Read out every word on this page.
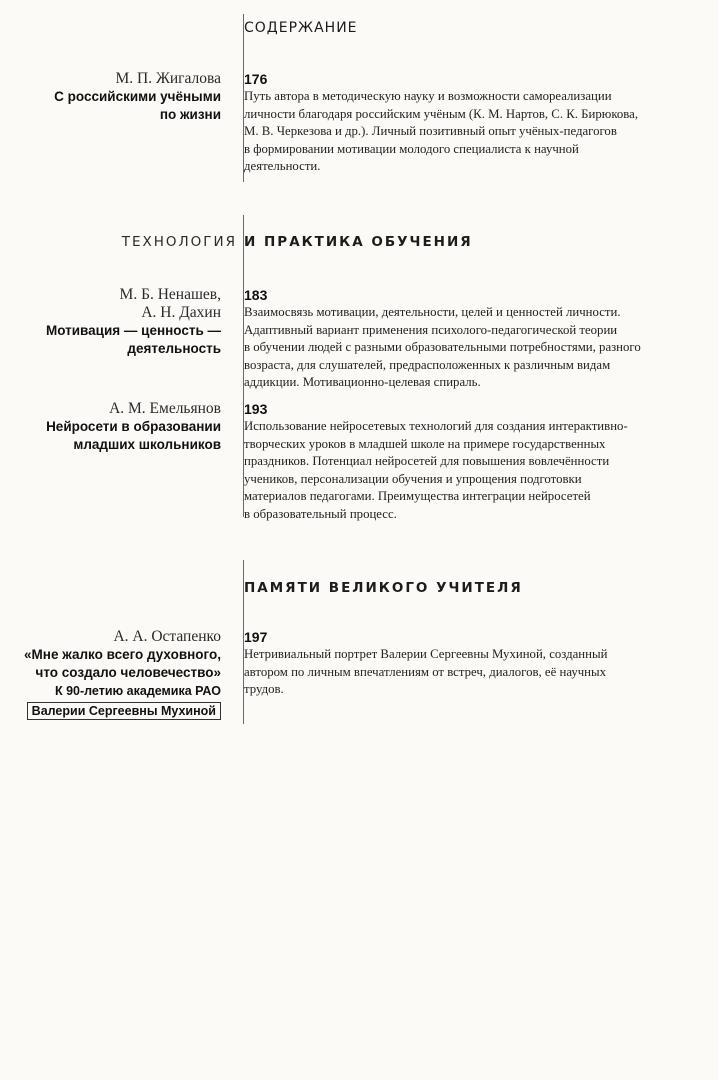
СОДЕРЖАНИЕ
М. П. Жигалова
С российскими учёными
по жизни
176
Путь автора в методическую науку и возможности самореализации
личности благодаря российским учёным (К. М. Нартов, С. К. Бирюкова,
М. В. Черкезова и др.). Личный позитивный опыт учёных-педагогов
в формировании мотивации молодого специалиста к научной
деятельности.
ТЕХНОЛОГИЯ И ПРАКТИКА ОБУЧЕНИЯ
М. Б. Ненашев,
А. Н. Дахин
Мотивация — ценность —
деятельность
183
Взаимосвязь мотивации, деятельности, целей и ценностей личности.
Адаптивный вариант применения психолого-педагогической теории
в обучении людей с разными образовательными потребностями, разного
возраста, для слушателей, предрасположенных к различным видам
аддикции. Мотивационно-целевая спираль.
А. М. Емельянов
Нейросети в образовании
младших школьников
193
Использование нейросетевых технологий для создания интерактивно-
творческих уроков в младшей школе на примере государственных
праздников. Потенциал нейросетей для повышения вовлечённости
учеников, персонализации обучения и упрощения подготовки
материалов педагогами. Преимущества интеграции нейросетей
в образовательный процесс.
ПАМЯТИ ВЕЛИКОГО УЧИТЕЛЯ
А. А. Остапенко
«Мне жалко всего духовного,
что создало человечество»
К 90-летию академика РАО
Валерии Сергеевны Мухиной
197
Нетривиальный портрет Валерии Сергеевны Мухиной, созданный
автором по личным впечатлениям от встреч, диалогов, её научных
трудов.
